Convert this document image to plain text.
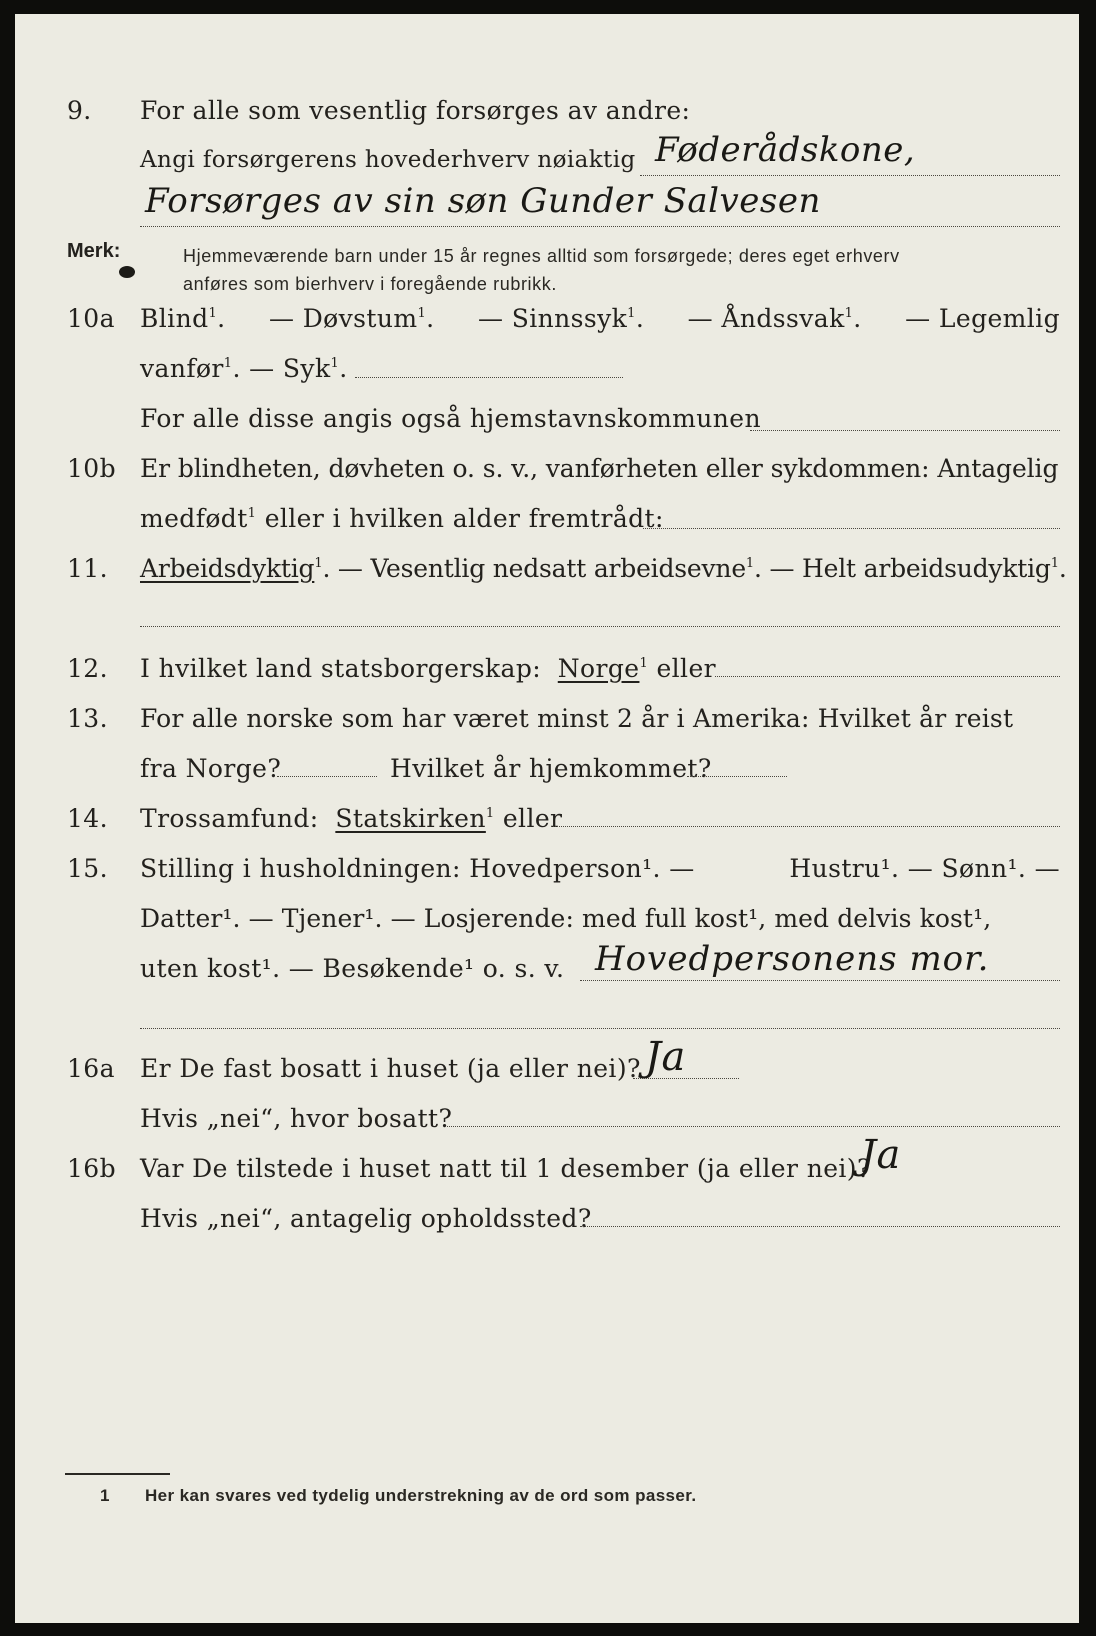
9. For alle som vesentlig forsørges av andre:
Angi forsørgerens hovederhverv nøiaktig Føderådskone,
Forsørges av sin søn Gunder Salvesen
Merk:	Hjemmeværende barn under 15 år regnes alltid som forsørgede; deres eget erhverv
anføres som bierhverv i foregående rubrikk.
10a Blind$^1$. — Døvstum$^1$. — Sinnssyk$^1$. — Åndssvak$^1$. — Legemlig
vanfør$^1$. — Syk$^1$.
For alle disse angis også hjemstavnskommunen
10b Er blindheten, døvheten o. s. v., vanførheten eller sykdommen: Antagelig
medfødt$^1$ eller i hvilken alder fremtrådt:
11. Arbeidsdyktig$^1$. — Vesentlig nedsatt arbeidsevne$^1$. — Helt arbeidsudyktig$^1$.
12. I hvilket land statsborgerskap: Norge$^1$ eller
13. For alle norske som har været minst 2 år i Amerika: Hvilket år reist
fra Norge?	Hvilket år hjemkommet?
14. Trossamfund: Statskirken$^1$ eller
15. Stilling i husholdningen: Hovedperson¹. —	Hustru¹. — Sønn¹. —
Datter¹. — Tjener¹. — Losjerende: med full kost¹, med delvis kost¹,
uten kost¹. — Besøkende¹ o. s. v. Hovedpersonens mor.
16a Er De fast bosatt i huset (ja eller nei)? Ja
Hvis „nei“, hvor bosatt?
16b Var De tilstede i huset natt til 1 desember (ja eller nei)?
Ja
Hvis „nei“, antagelig opholdssted?
1 Her kan svares ved tydelig understrekning av de ord som passer.
